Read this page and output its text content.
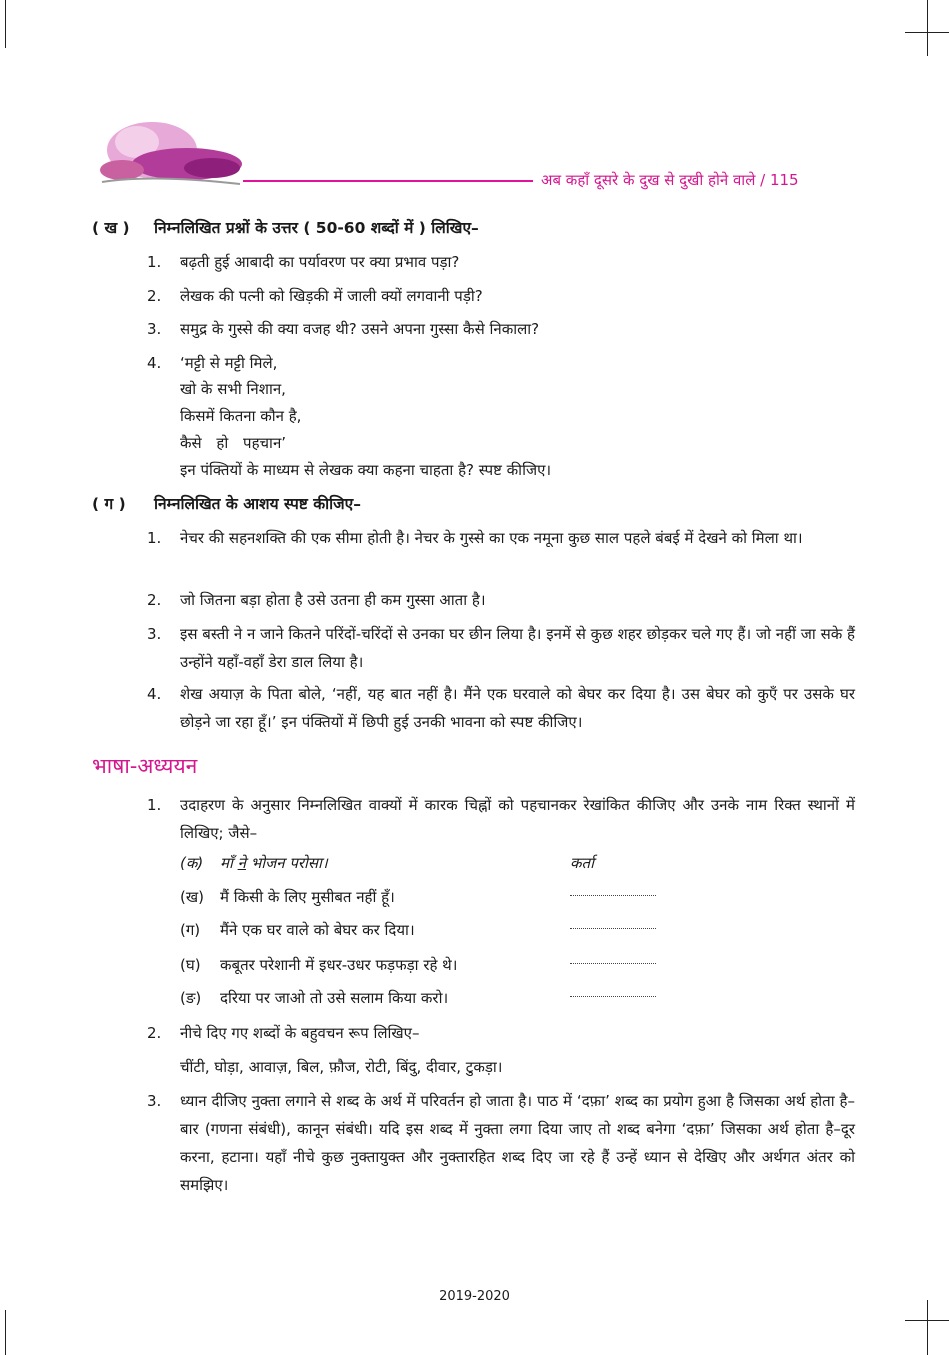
अब कहाँ दूसरे के दुख से दुखी होने वाले / 115
( ख ) निम्नलिखित प्रश्नों के उत्तर ( 50-60 शब्दों में ) लिखिए–
1.	बढ़ती हुई आबादी का पर्यावरण पर क्या प्रभाव पड़ा?
2.	लेखक की पत्नी को खिड़की में जाली क्यों लगवानी पड़ी?
3.	समुद्र के गुस्से की क्या वजह थी? उसने अपना गुस्सा कैसे निकाला?
4.	‘मट्टी से मट्टी मिले,
खो के सभी निशान,
किसमें कितना कौन है,
कैसे हो पहचान’
इन पंक्तियों के माध्यम से लेखक क्या कहना चाहता है? स्पष्ट कीजिए।
( ग ) निम्नलिखित के आशय स्पष्ट कीजिए–
1.	नेचर की सहनशक्ति की एक सीमा होती है। नेचर के गुस्से का एक नमूना कुछ साल पहले बंबई में देखने को मिला था।
2.	जो जितना बड़ा होता है उसे उतना ही कम गुस्सा आता है।
3.	इस बस्ती ने न जाने कितने परिंदों-चरिंदों से उनका घर छीन लिया है। इनमें से कुछ शहर छोड़कर चले गए हैं। जो नहीं जा सके हैं उन्होंने यहाँ-वहाँ डेरा डाल लिया है।
4.	शेख अयाज़ के पिता बोले, ‘नहीं, यह बात नहीं है। मैंने एक घरवाले को बेघर कर दिया है। उस बेघर को कुएँ पर उसके घर छोड़ने जा रहा हूँ।’ इन पंक्तियों में छिपी हुई उनकी भावना को स्पष्ट कीजिए।
भाषा-अध्ययन
1.	उदाहरण के अनुसार निम्नलिखित वाक्यों में कारक चिह्नों को पहचानकर रेखांकित कीजिए और उनके नाम रिक्त स्थानों में लिखिए; जैसे–
(क) माँ ने भोजन परोसा।	कर्ता
(ख) मैं किसी के लिए मुसीबत नहीं हूँ।
(ग) मैंने एक घर वाले को बेघर कर दिया।
(घ) कबूतर परेशानी में इधर-उधर फड़फड़ा रहे थे।
(ङ) दरिया पर जाओ तो उसे सलाम किया करो।
2.	नीचे दिए गए शब्दों के बहुवचन रूप लिखिए–
चींटी, घोड़ा, आवाज़, बिल, फ़ौज, रोटी, बिंदु, दीवार, टुकड़ा।
3.	ध्यान दीजिए नुक्ता लगाने से शब्द के अर्थ में परिवर्तन हो जाता है। पाठ में ‘दफ़ा’ शब्द का प्रयोग हुआ है जिसका अर्थ होता है–बार (गणना संबंधी), कानून संबंधी। यदि इस शब्द में नुक्ता लगा दिया जाए तो शब्द बनेगा ‘दफ़ा’ जिसका अर्थ होता है–दूर करना, हटाना। यहाँ नीचे कुछ नुक्तायुक्त और नुक्तारहित शब्द दिए जा रहे हैं उन्हें ध्यान से देखिए और अर्थगत अंतर को समझिए।
2019-2020
